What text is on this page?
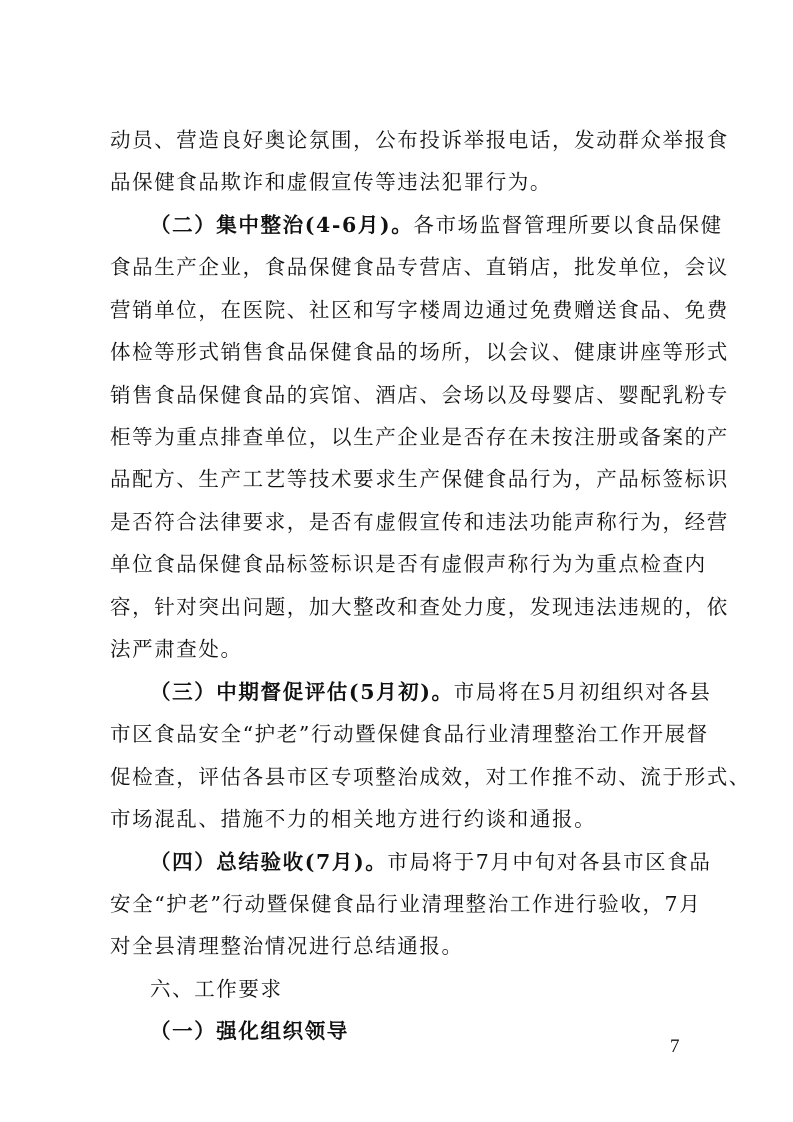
动员、营造良好奥论氛围，公布投诉举报电话，发动群众举报食
品保健食品欺诈和虚假宣传等违法犯罪行为。
（二）集中整治(4-6月)。各市场监督管理所要以食品保健
食品生产企业，食品保健食品专营店、直销店，批发单位，会议
营销单位，在医院、社区和写字楼周边通过免费赠送食品、免费
体检等形式销售食品保健食品的场所，以会议、健康讲座等形式
销售食品保健食品的宾馆、酒店、会场以及母婴店、婴配乳粉专
柜等为重点排查单位，以生产企业是否存在未按注册或备案的产
品配方、生产工艺等技术要求生产保健食品行为，产品标签标识
是否符合法律要求，是否有虚假宣传和违法功能声称行为，经营
单位食品保健食品标签标识是否有虚假声称行为为重点检查内
容，针对突出问题，加大整改和查处力度，发现违法违规的，依
法严肃查处。
（三）中期督促评估(5月初)。市局将在5月初组织对各县
市区食品安全“护老”行动暨保健食品行业清理整治工作开展督
促检查，评估各县市区专项整治成效，对工作推不动、流于形式、
市场混乱、措施不力的相关地方进行约谈和通报。
（四）总结验收(7月)。市局将于7月中旬对各县市区食品
安全“护老”行动暨保健食品行业清理整治工作进行验收，7月
对全县清理整治情况进行总结通报。
六、工作要求
（一）强化组织领导
7
